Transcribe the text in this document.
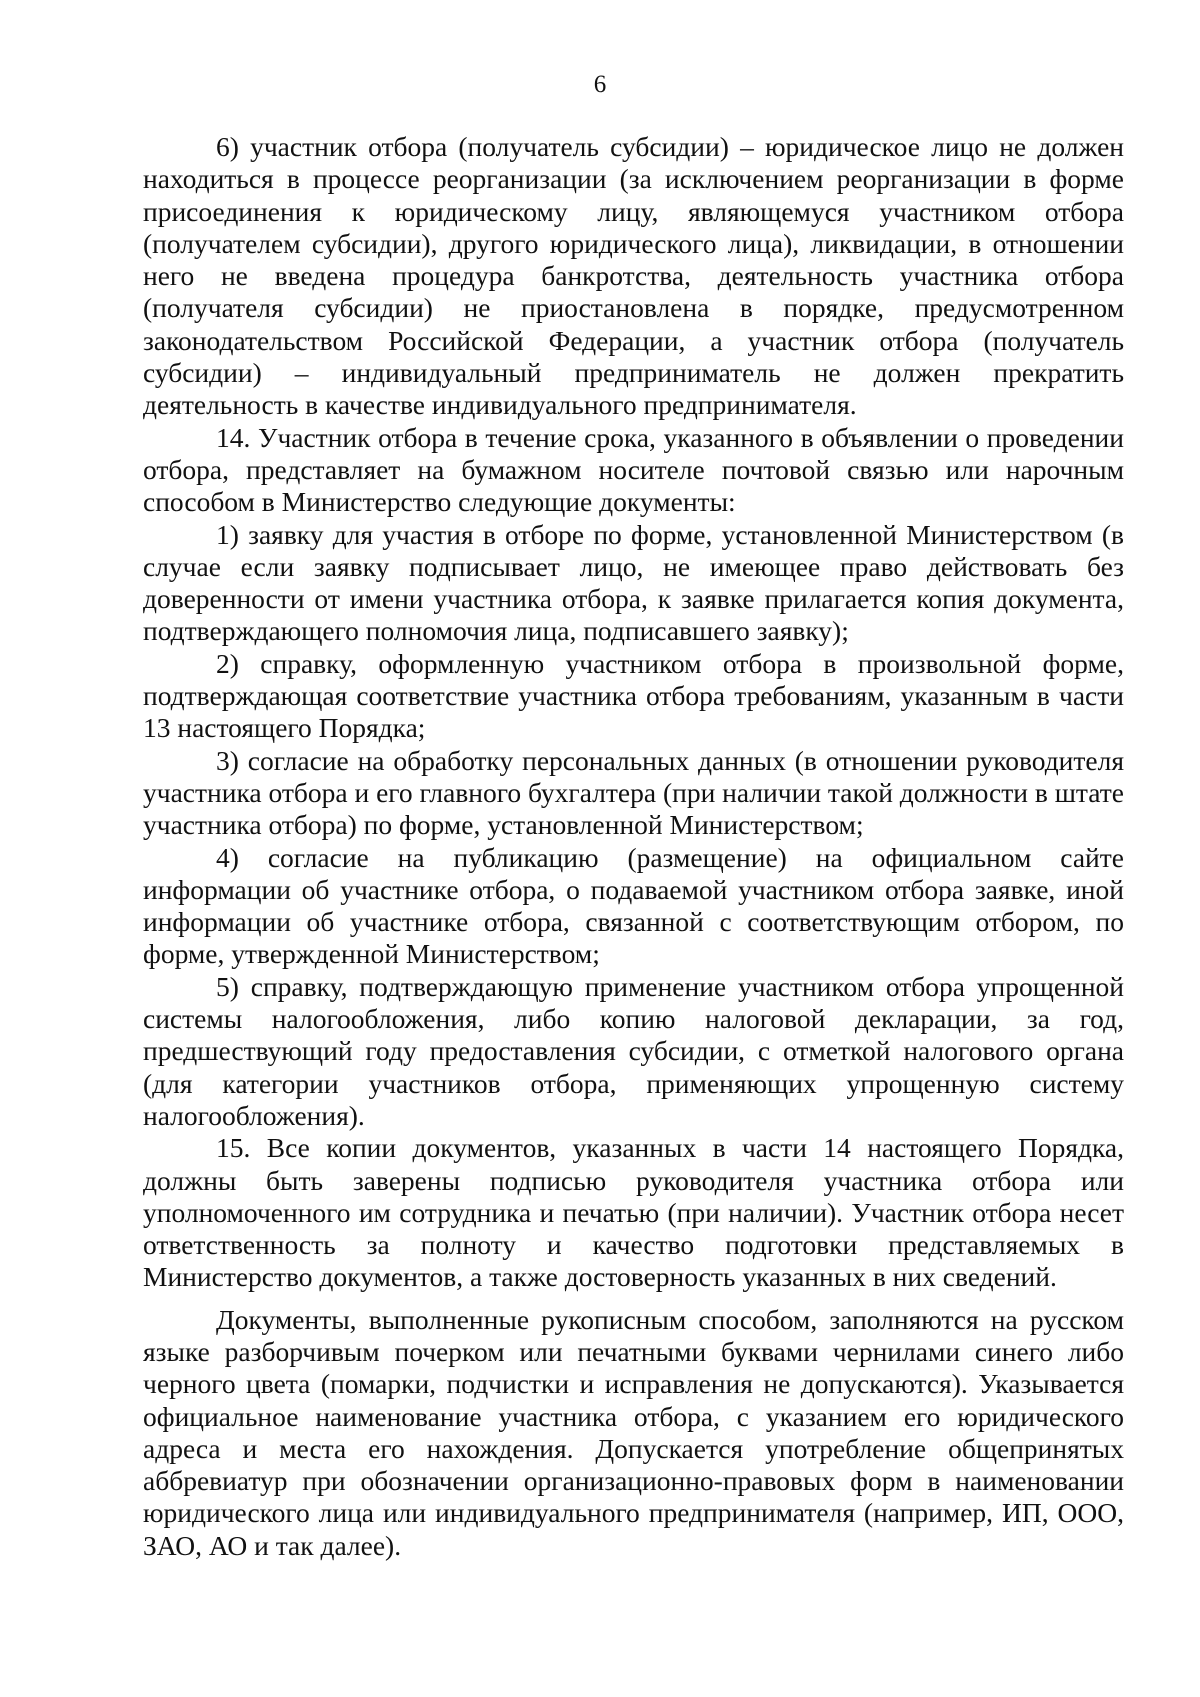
6

6) участник отбора (получатель субсидии) – юридическое лицо не должен находиться в процессе реорганизации (за исключением реорганизации в форме присоединения к юридическому лицу, являющемуся участником отбора (получателем субсидии), другого юридического лица), ликвидации, в отношении него не введена процедура банкротства, деятельность участника отбора (получателя субсидии) не приостановлена в порядке, предусмотренном законодательством Российской Федерации, а участник отбора (получатель субсидии) – индивидуальный предприниматель не должен прекратить деятельность в качестве индивидуального предпринимателя.

14. Участник отбора в течение срока, указанного в объявлении о проведении отбора, представляет на бумажном носителе почтовой связью или нарочным способом в Министерство следующие документы:

1) заявку для участия в отборе по форме, установленной Министерством (в случае если заявку подписывает лицо, не имеющее право действовать без доверенности от имени участника отбора, к заявке прилагается копия документа, подтверждающего полномочия лица, подписавшего заявку);

2) справку, оформленную участником отбора в произвольной форме, подтверждающая соответствие участника отбора требованиям, указанным в части 13 настоящего Порядка;

3) согласие на обработку персональных данных (в отношении руководителя участника отбора и его главного бухгалтера (при наличии такой должности в штате участника отбора) по форме, установленной Министерством;

4) согласие на публикацию (размещение) на официальном сайте информации об участнике отбора, о подаваемой участником отбора заявке, иной информации об участнике отбора, связанной с соответствующим отбором, по форме, утвержденной Министерством;

5) справку, подтверждающую применение участником отбора упрощенной системы налогообложения, либо копию налоговой декларации, за год, предшествующий году предоставления субсидии, с отметкой налогового органа (для категории участников отбора, применяющих упрощенную систему налогообложения).

15. Все копии документов, указанных в части 14 настоящего Порядка, должны быть заверены подписью руководителя участника отбора или уполномоченного им сотрудника и печатью (при наличии). Участник отбора несет ответственность за полноту и качество подготовки представляемых в Министерство документов, а также достоверность указанных в них сведений.

Документы, выполненные рукописным способом, заполняются на русском языке разборчивым почерком или печатными буквами чернилами синего либо черного цвета (помарки, подчистки и исправления не допускаются). Указывается официальное наименование участника отбора, с указанием его юридического адреса и места его нахождения. Допускается употребление общепринятых аббревиатур при обозначении организационно-правовых форм в наименовании юридического лица или индивидуального предпринимателя (например, ИП, ООО, ЗАО, АО и так далее).
